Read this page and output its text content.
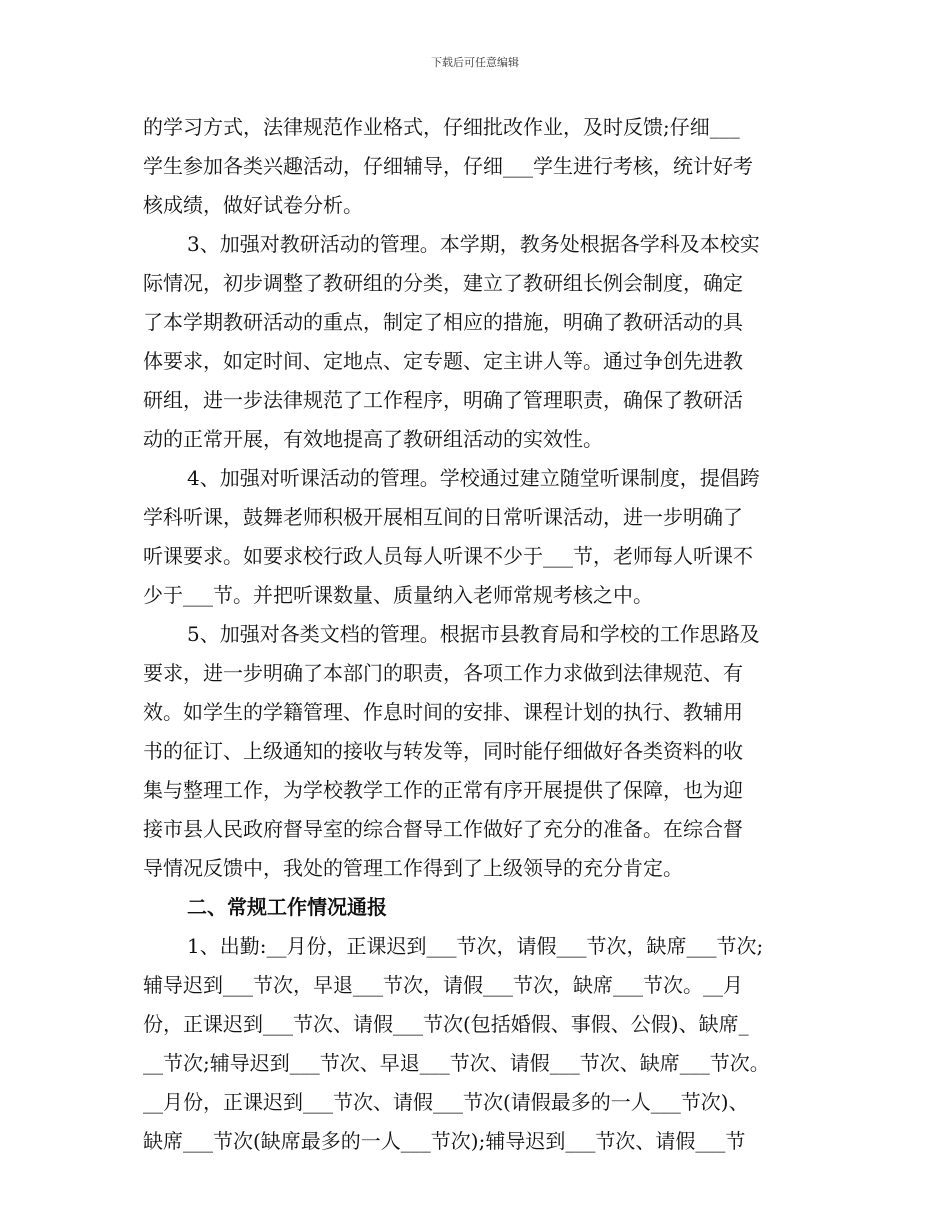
下载后可任意编辑
的学习方式，法律规范作业格式，仔细批改作业，及时反馈;仔细___
学生参加各类兴趣活动，仔细辅导，仔细___学生进行考核，统计好考
核成绩，做好试卷分析。
3、加强对教研活动的管理。本学期，教务处根据各学科及本校实
际情况，初步调整了教研组的分类，建立了教研组长例会制度，确定
了本学期教研活动的重点，制定了相应的措施，明确了教研活动的具
体要求，如定时间、定地点、定专题、定主讲人等。通过争创先进教
研组，进一步法律规范了工作程序，明确了管理职责，确保了教研活
动的正常开展，有效地提高了教研组活动的实效性。
4、加强对听课活动的管理。学校通过建立随堂听课制度，提倡跨
学科听课，鼓舞老师积极开展相互间的日常听课活动，进一步明确了
听课要求。如要求校行政人员每人听课不少于___节，老师每人听课不
少于___节。并把听课数量、质量纳入老师常规考核之中。
5、加强对各类文档的管理。根据市县教育局和学校的工作思路及
要求，进一步明确了本部门的职责，各项工作力求做到法律规范、有
效。如学生的学籍管理、作息时间的安排、课程计划的执行、教辅用
书的征订、上级通知的接收与转发等，同时能仔细做好各类资料的收
集与整理工作，为学校教学工作的正常有序开展提供了保障，也为迎
接市县人民政府督导室的综合督导工作做好了充分的准备。在综合督
导情况反馈中，我处的管理工作得到了上级领导的充分肯定。
二、常规工作情况通报
1、出勤:__月份，正课迟到___节次，请假___节次，缺席___节次;
辅导迟到___节次，早退___节次，请假___节次，缺席___节次。__月
份，正课迟到___节次、请假___节次(包括婚假、事假、公假)、缺席_
__节次;辅导迟到___节次、早退___节次、请假___节次、缺席___节次。
__月份，正课迟到___节次、请假___节次(请假最多的一人___节次)、
缺席___节次(缺席最多的一人___节次);辅导迟到___节次、请假___节
